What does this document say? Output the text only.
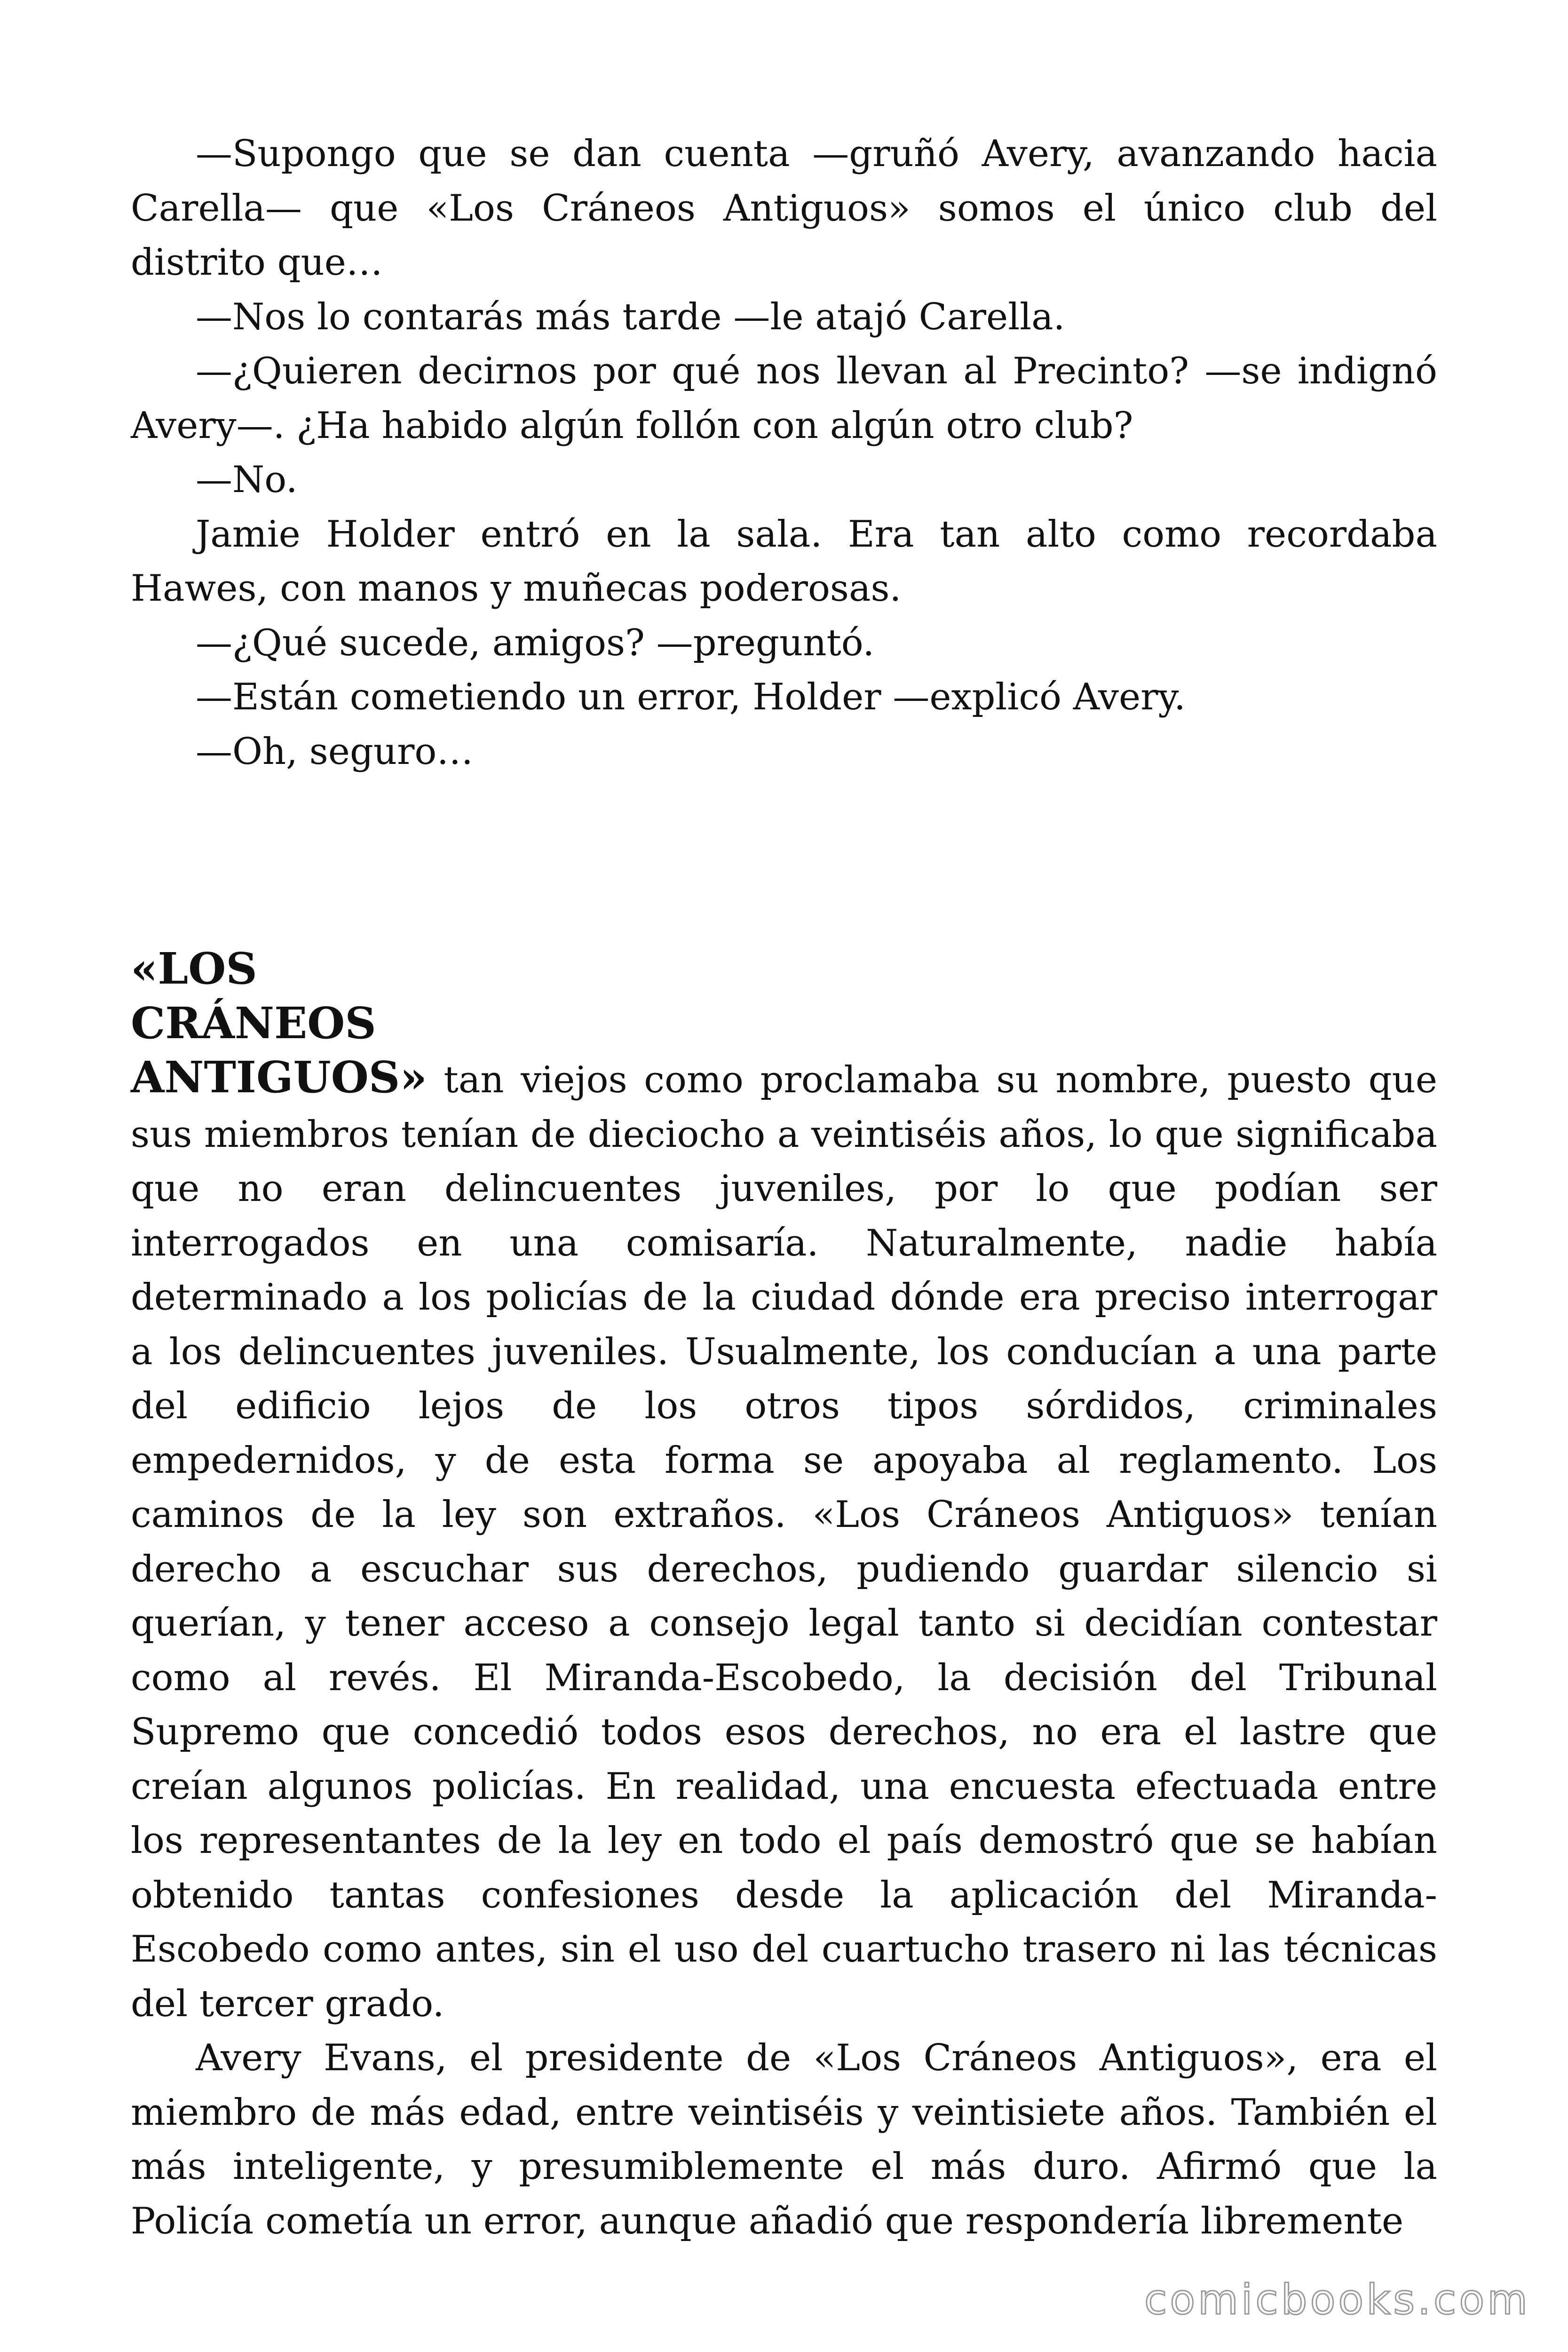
—Supongo que se dan cuenta —gruñó Avery, avanzando hacia Carella— que «Los Cráneos Antiguos» somos el único club del distrito que…

—Nos lo contarás más tarde —le atajó Carella.

—¿Quieren decirnos por qué nos llevan al Precinto? —se indignó Avery—. ¿Ha habido algún follón con algún otro club?

—No.

Jamie Holder entró en la sala. Era tan alto como recordaba Hawes, con manos y muñecas poderosas.

—¿Qué sucede, amigos? —preguntó.

—Están cometiendo un error, Holder —explicó Avery.

—Oh, seguro…

«LOS
CRÁNEOS

ANTIGUOS» tan viejos como proclamaba su nombre, puesto que sus miembros tenían de dieciocho a veintiséis años, lo que significaba que no eran delincuentes juveniles, por lo que podían ser interrogados en una comisaría. Naturalmente, nadie había determinado a los policías de la ciudad dónde era preciso interrogar a los delincuentes juveniles. Usualmente, los conducían a una parte del edificio lejos de los otros tipos sórdidos, criminales empedernidos, y de esta forma se apoyaba al reglamento. Los caminos de la ley son extraños. «Los Cráneos Antiguos» tenían derecho a escuchar sus derechos, pudiendo guardar silencio si querían, y tener acceso a consejo legal tanto si decidían contestar como al revés. El Miranda-Escobedo, la decisión del Tribunal Supremo que concedió todos esos derechos, no era el lastre que creían algunos policías. En realidad, una encuesta efectuada entre los representantes de la ley en todo el país demostró que se habían obtenido tantas confesiones desde la aplicación del Miranda-Escobedo como antes, sin el uso del cuartucho trasero ni las técnicas del tercer grado.

Avery Evans, el presidente de «Los Cráneos Antiguos», era el miembro de más edad, entre veintiséis y veintisiete años. También el más inteligente, y presumiblemente el más duro. Afirmó que la Policía cometía un error, aunque añadió que respondería libremente

comicbooks.com
